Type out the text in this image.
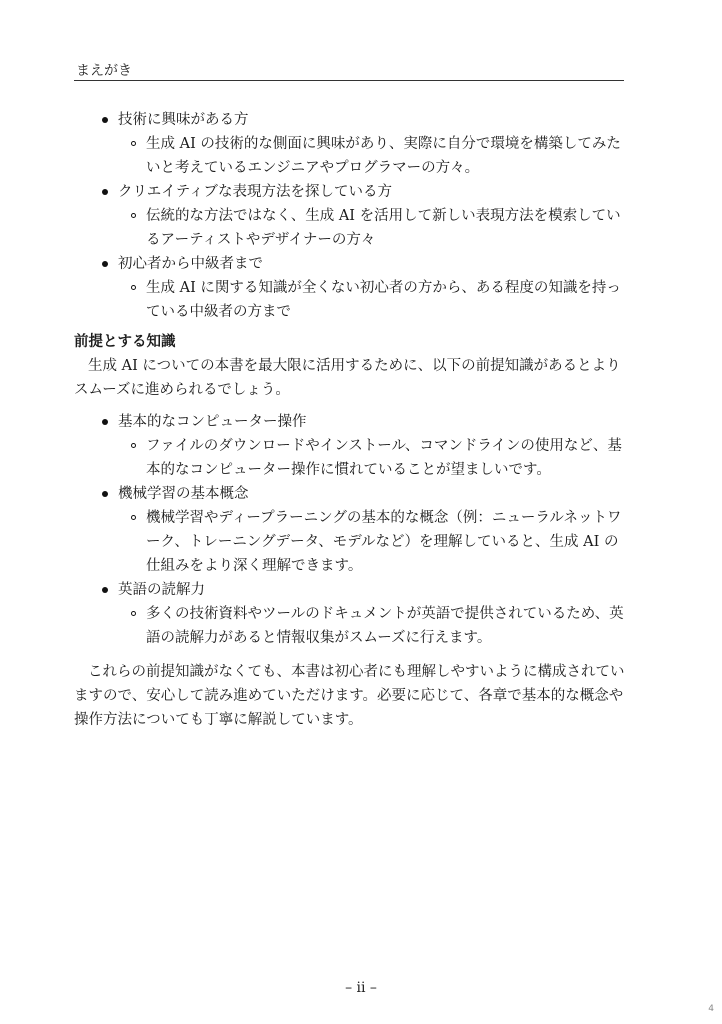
まえがき
技術に興味がある方
生成 AI の技術的な側面に興味があり、実際に自分で環境を構築してみたいと考えているエンジニアやプログラマーの方々。
クリエイティブな表現方法を探している方
伝統的な方法ではなく、生成 AI を活用して新しい表現方法を模索しているアーティストやデザイナーの方々
初心者から中級者まで
生成 AI に関する知識が全くない初心者の方から、ある程度の知識を持っている中級者の方まで
前提とする知識

生成 AI についての本書を最大限に活用するために、以下の前提知識があるとよりスムーズに進められるでしょう。

基本的なコンピューター操作
ファイルのダウンロードやインストール、コマンドラインの使用など、基本的なコンピューター操作に慣れていることが望ましいです。
機械学習の基本概念
機械学習やディープラーニングの基本的な概念（例：ニューラルネットワーク、トレーニングデータ、モデルなど）を理解していると、生成 AI の仕組みをより深く理解できます。
英語の読解力
多くの技術資料やツールのドキュメントが英語で提供されているため、英語の読解力があると情報収集がスムーズに行えます。

これらの前提知識がなくても、本書は初心者にも理解しやすいように構成されていますので、安心して読み進めていただけます。必要に応じて、各章で基本的な概念や操作方法についても丁寧に解説しています。

– ii –
4
